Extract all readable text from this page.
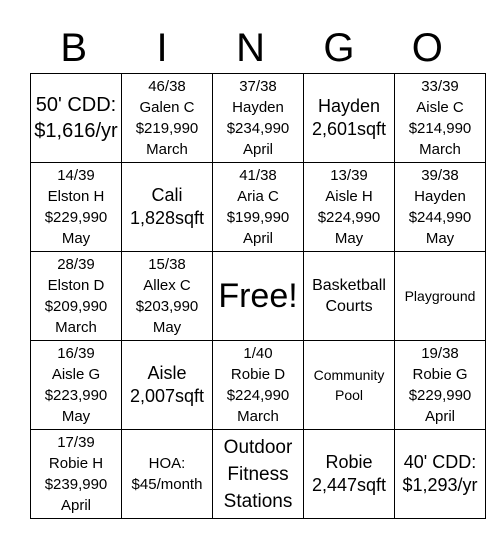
B	I	N	G	O
50' CDD:
$1,616/yr	46/38
Galen C
$219,990
March	37/38
Hayden
$234,990
April	Hayden
2,601sqft	33/39
Aisle C
$214,990
March

14/39
Elston H
$229,990
May	Cali
1,828sqft	41/38
Aria C
$199,990
April	13/39
Aisle H
$224,990
May	39/38
Hayden
$244,990
May

28/39
Elston D
$209,990
March	15/38
Allex C
$203,990
May	Free!	Basketball
Courts	Playground

16/39
Aisle G
$223,990
May	Aisle
2,007sqft	1/40
Robie D
$224,990
March	Community
Pool	19/38
Robie G
$229,990
April

17/39
Robie H
$239,990
April	HOA:
$45/month	Outdoor
Fitness
Stations	Robie
2,447sqft	40' CDD:
$1,293/yr
